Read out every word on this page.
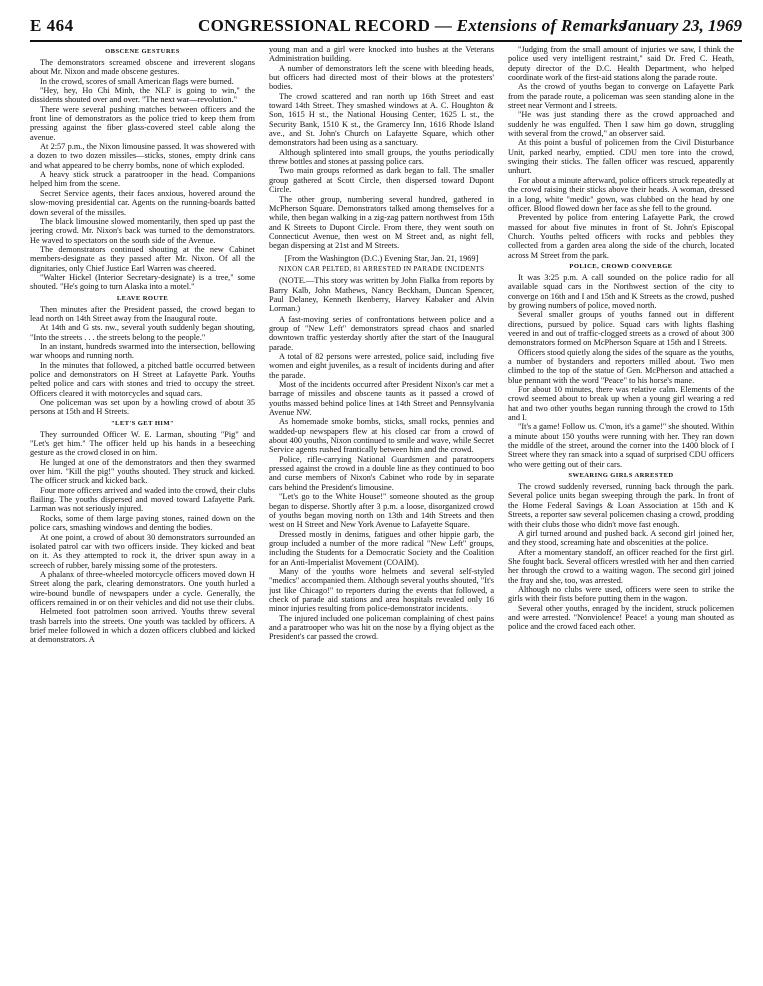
E 464	CONGRESSIONAL RECORD — Extensions of Remarks
January 23, 1969
OBSCENE GESTURES

The demonstrators screamed obscene and irreverent slogans about Mr. Nixon and made obscene gestures.

In the crowd, scores of small American flags were burned.

"Hey, hey, Ho Chi Minh, the NLF is going to win," the dissidents shouted over and over. "The next war—revolution."

There were several pushing matches between officers and the front line of demonstrators as the police tried to keep them from pressing against the fiber glass-covered steel cable along the avenue.

At 2:57 p.m., the Nixon limousine passed. It was showered with a dozen to two dozen missiles—sticks, stones, empty drink cans and what appeared to be cherry bombs, none of which exploded.

A heavy stick struck a paratrooper in the head. Companions helped him from the scene.

Secret Service agents, their faces anxious, hovered around the slow-moving presidential car. Agents on the running-boards batted down several of the missiles.

The black limousine slowed momentarily, then sped up past the jeering crowd. Mr. Nixon's back was turned to the demonstrators. He waved to spectators on the south side of the Avenue.

The demonstrators continued shouting at the new Cabinet members-designate as they passed after Mr. Nixon. Of all the dignitaries, only Chief Justice Earl Warren was cheered.

"Walter Hickel (Interior Secretary-designate) is a tree," some shouted. "He's going to turn Alaska into a motel."

LEAVE ROUTE

Then minutes after the President passed, the crowd began to lead north on 14th Street away from the Inaugural route.

At 14th and G sts. nw., several youth suddenly began shouting, "Into the streets . . . the streets belong to the people."

In an instant, hundreds swarmed into the intersection, bellowing war whoops and running north.

In the minutes that followed, a pitched battle occurred between police and demonstrators on H Street at Lafayette Park. Youths pelted police and cars with stones and tried to occupy the street. Officers cleared it with motorcycles and squad cars.

One policeman was set upon by a howling crowd of about 35 persons at 15th and H Streets.

"LET'S GET HIM"

They surrounded Officer W. E. Larman, shouting "Pig" and "Let's get him." The officer held up his hands in a beseeching gesture as the crowd closed in on him.

He lunged at one of the demonstrators and then they swarmed over him. "Kill the pig!" youths shouted. They struck and kicked. The officer struck and kicked back.

Four more officers arrived and waded into the crowd, their clubs flailing. The youths dispersed and moved toward Lafayette Park. Larman was not seriously injured.

Rocks, some of them large paving stones, rained down on the police cars, smashing windows and denting the bodies.

At one point, a crowd of about 30 demonstrators surrounded an isolated patrol car with two officers inside. They kicked and beat on it. As they attempted to rock it, the driver spun away in a screech of rubber, barely missing some of the protesters.

A phalanx of three-wheeled motorcycle officers moved down H Street along the park, clearing demonstrators. One youth hurled a wire-bound bundle of newspapers under a cycle. Generally, the officers remained in or on their vehicles and did not use their clubs.

Helmeted foot patrolmen soon arrived. Youths threw several trash barrels into the streets. One youth was tackled by officers. A brief melee followed in which a dozen officers clubbed and kicked at demonstrators. A

young man and a girl were knocked into bushes at the Veterans Administration building.

A number of demonstrators left the scene with bleeding heads, but officers had directed most of their blows at the protesters' bodies.

The crowd scattered and ran north up 16th Street and east toward 14th Street. They smashed windows at A. C. Houghton & Son, 1615 H st., the National Housing Center, 1625 L st., the Security Bank, 1510 K st., the Gramercy Inn, 1616 Rhode Island ave., and St. John's Church on Lafayette Square, which other demonstrators had been using as a sanctuary.

Although splintered into small groups, the youths periodically threw bottles and stones at passing police cars.

Two main groups reformed as dark began to fall. The smaller group gathered at Scott Circle, then dispersed toward Dupont Circle.

The other group, numbering several hundred, gathered in McPherson Square. Demonstrators talked among themselves for a while, then began walking in a zig-zag pattern northwest from 15th and K Streets to Dupont Circle. From there, they went south on Connecticut Avenue, then west on M Street and, as night fell, began dispersing at 21st and M Streets.

[From the Washington (D.C.) Evening Star, Jan. 21, 1969]

NIXON CAR PELTED, 81 ARRESTED IN PARADE INCIDENTS

(NOTE.—This story was written by John Fialka from reports by Barry Kalb, John Mathews, Nancy Beckham, Duncan Spencer, Paul Delaney, Kenneth Ikenberry, Harvey Kabaker and Alvin Lorman.)

A fast-moving series of confrontations between police and a group of "New Left" demonstrators spread chaos and snarled downtown traffic yesterday shortly after the start of the Inaugural parade.

A total of 82 persons were arrested, police said, including five women and eight juveniles, as a result of incidents during and after the parade.

Most of the incidents occurred after President Nixon's car met a barrage of missiles and obscene taunts as it passed a crowd of youths massed behind police lines at 14th Street and Pennsylvania Avenue NW.

As homemade smoke bombs, sticks, small rocks, pennies and wadded-up newspapers flew at his closed car from a crowd of about 400 youths, Nixon continued to smile and wave, while Secret Service agents rushed frantically between him and the crowd.

Police, rifle-carrying National Guardsmen and paratroopers pressed against the crowd in a double line as they continued to boo and curse members of Nixon's Cabinet who rode by in separate cars behind the President's limousine.

"Let's go to the White House!" someone shouted as the group began to disperse. Shortly after 3 p.m. a loose, disorganized crowd of youths began moving north on 13th and 14th Streets and then west on H Street and New York Avenue to Lafayette Square.

Dressed mostly in denims, fatigues and other hippie garb, the group included a number of the more radical "New Left" groups, including the Students for a Democratic Society and the Coalition for an Anti-Imperialist Movement (COAIM).

Many of the youths wore helmets and several self-styled "medics" accompanied them. Although several youths shouted, "It's just like Chicago!" to reporters during the events that followed, a check of parade aid stations and area hospitals revealed only 16 minor injuries resulting from police-demonstrator incidents.

The injured included one policeman complaining of chest pains and a paratrooper who was hit on the nose by a flying object as the President's car passed the crowd.

"Judging from the small amount of injuries we saw, I think the police used very intelligent restraint," said Dr. Fred C. Heath, deputy director of the D.C. Health Department, who helped coordinate work of the first-aid stations along the parade route.

As the crowd of youths began to converge on Lafayette Park from the parade route, a policeman was seen standing alone in the street near Vermont and I streets.

"He was just standing there as the crowd approached and suddenly he was engulfed. Then I saw him go down, struggling with several from the crowd," an observer said.

At this point a busful of policemen from the Civil Disturbance Unit, parked nearby, emptied. CDU men tore into the crowd, swinging their sticks. The fallen officer was rescued, apparently unhurt.

For about a minute afterward, police officers struck repeatedly at the crowd raising their sticks above their heads. A woman, dressed in a long, white "medic" gown, was clubbed on the head by one officer. Blood flowed down her face as she fell to the ground.

Prevented by police from entering Lafayette Park, the crowd massed for about five minutes in front of St. John's Episcopal Church. Youths pelted officers with rocks and pebbles they collected from a garden area along the side of the church, located across M Street from the park.

POLICE, CROWD CONVERGE

It was 3:25 p.m. A call sounded on the police radio for all available squad cars in the Northwest section of the city to converge on 16th and I and 15th and K Streets as the crowd, pushed by growing numbers of police, moved north.

Several smaller groups of youths fanned out in different directions, pursued by police. Squad cars with lights flashing veered in and out of traffic-clogged streets as a crowd of about 300 demonstrators formed on McPherson Square at 15th and I Streets.

Officers stood quietly along the sides of the square as the youths, a number of bystanders and reporters milled about. Two men climbed to the top of the statue of Gen. McPherson and attached a blue pennant with the word "Peace" to his horse's mane.

For about 10 minutes, there was relative calm. Elements of the crowd seemed about to break up when a young girl wearing a red hat and two other youths began running through the crowd to 15th and I.

"It's a game! Follow us. C'mon, it's a game!" she shouted. Within a minute about 150 youths were running with her. They ran down the middle of the street, around the corner into the 1400 block of I Street where they ran smack into a squad of surprised CDU officers who were getting out of their cars.

SWEARING GIRLS ARRESTED

The crowd suddenly reversed, running back through the park. Several police units began sweeping through the park. In front of the Home Federal Savings & Loan Association at 15th and K Streets, a reporter saw several policemen chasing a crowd, prodding with their clubs those who didn't move fast enough.

A girl turned around and pushed back. A second girl joined her, and they stood, screaming hate and obscenities at the police.

After a momentary standoff, an officer reached for the first girl. She fought back. Several officers wrestled with her and then carried her through the crowd to a waiting wagon. The second girl joined the fray and she, too, was arrested.

Although no clubs were used, officers were seen to strike the girls with their fists before putting them in the wagon.

Several other youths, enraged by the incident, struck policemen and were arrested. "Nonviolence! Peace! a young man shouted as police and the crowd faced each other.
